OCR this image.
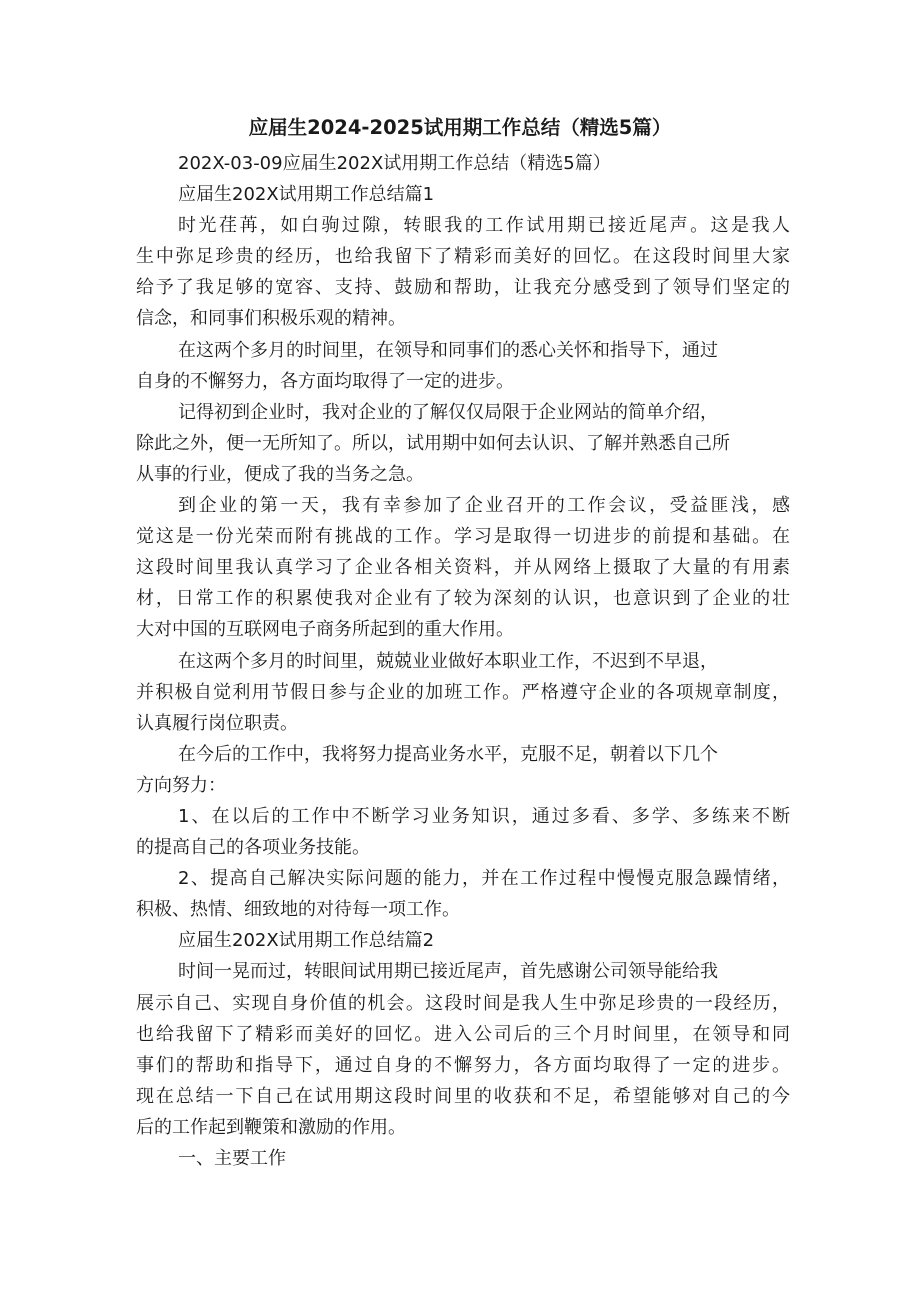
应届生2024-2025试用期工作总结（精选5篇）
202X-03-09应届生202X试用期工作总结（精选5篇）
应届生202X试用期工作总结篇1
时光荏苒，如白驹过隙，转眼我的工作试用期已接近尾声。这是我人
生中弥足珍贵的经历，也给我留下了精彩而美好的回忆。在这段时间里大家
给予了我足够的宽容、支持、鼓励和帮助，让我充分感受到了领导们坚定的
信念，和同事们积极乐观的精神。
在这两个多月的时间里，在领导和同事们的悉心关怀和指导下，通过
自身的不懈努力，各方面均取得了一定的进步。
记得初到企业时，我对企业的了解仅仅局限于企业网站的简单介绍，
除此之外，便一无所知了。所以，试用期中如何去认识、了解并熟悉自己所
从事的行业，便成了我的当务之急。
到企业的第一天，我有幸参加了企业召开的工作会议，受益匪浅，感
觉这是一份光荣而附有挑战的工作。学习是取得一切进步的前提和基础。在
这段时间里我认真学习了企业各相关资料，并从网络上摄取了大量的有用素
材，日常工作的积累使我对企业有了较为深刻的认识，也意识到了企业的壮
大对中国的互联网电子商务所起到的重大作用。
在这两个多月的时间里，兢兢业业做好本职业工作，不迟到不早退，
并积极自觉利用节假日参与企业的加班工作。严格遵守企业的各项规章制度，
认真履行岗位职责。
在今后的工作中，我将努力提高业务水平，克服不足，朝着以下几个
方向努力：
1、在以后的工作中不断学习业务知识，通过多看、多学、多练来不断
的提高自己的各项业务技能。
2、提高自己解决实际问题的能力，并在工作过程中慢慢克服急躁情绪，
积极、热情、细致地的对待每一项工作。
应届生202X试用期工作总结篇2
时间一晃而过，转眼间试用期已接近尾声，首先感谢公司领导能给我
展示自己、实现自身价值的机会。这段时间是我人生中弥足珍贵的一段经历，
也给我留下了精彩而美好的回忆。进入公司后的三个月时间里，在领导和同
事们的帮助和指导下，通过自身的不懈努力，各方面均取得了一定的进步。
现在总结一下自己在试用期这段时间里的收获和不足，希望能够对自己的今
后的工作起到鞭策和激励的作用。
一、主要工作
